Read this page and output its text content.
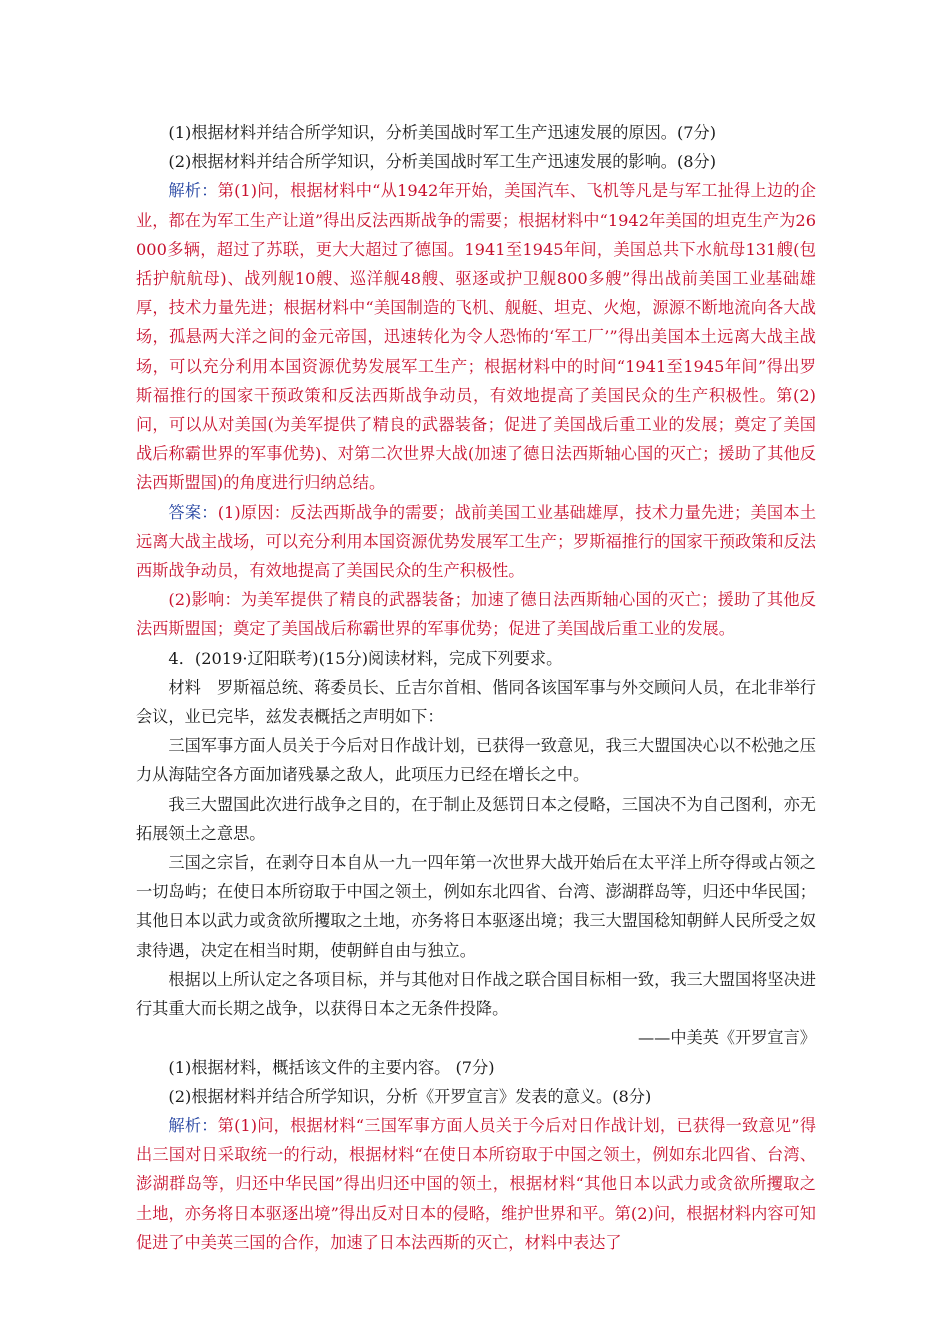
(1)根据材料并结合所学知识，分析美国战时军工生产迅速发展的原因。(7分)

(2)根据材料并结合所学知识，分析美国战时军工生产迅速发展的影响。(8分)

解析：第(1)问，根据材料中“从1942年开始，美国汽车、飞机等凡是与军工扯得上边的企业，都在为军工生产让道”得出反法西斯战争的需要；根据材料中“1942年美国的坦克生产为26 000多辆，超过了苏联，更大大超过了德国。1941至1945年间，美国总共下水航母131艘(包括护航航母)、战列舰10艘、巡洋舰48艘、驱逐或护卫舰800多艘”得出战前美国工业基础雄厚，技术力量先进；根据材料中“美国制造的飞机、舰艇、坦克、火炮，源源不断地流向各大战场，孤悬两大洋之间的金元帝国，迅速转化为令人恐怖的‘军工厂’”得出美国本土远离大战主战场，可以充分利用本国资源优势发展军工生产；根据材料中的时间“1941至1945年间”得出罗斯福推行的国家干预政策和反法西斯战争动员，有效地提高了美国民众的生产积极性。第(2)问，可以从对美国(为美军提供了精良的武器装备；促进了美国战后重工业的发展；奠定了美国战后称霸世界的军事优势)、对第二次世界大战(加速了德日法西斯轴心国的灭亡；援助了其他反法西斯盟国)的角度进行归纳总结。

答案：(1)原因：反法西斯战争的需要；战前美国工业基础雄厚，技术力量先进；美国本土远离大战主战场，可以充分利用本国资源优势发展军工生产；罗斯福推行的国家干预政策和反法西斯战争动员，有效地提高了美国民众的生产积极性。

(2)影响：为美军提供了精良的武器装备；加速了德日法西斯轴心国的灭亡；援助了其他反法西斯盟国；奠定了美国战后称霸世界的军事优势；促进了美国战后重工业的发展。

4．(2019·辽阳联考)(15分)阅读材料，完成下列要求。

材料　罗斯福总统、蒋委员长、丘吉尔首相、偕同各该国军事与外交顾问人员，在北非举行会议，业已完毕，兹发表概括之声明如下：

三国军事方面人员关于今后对日作战计划，已获得一致意见，我三大盟国决心以不松弛之压力从海陆空各方面加诸残暴之敌人，此项压力已经在增长之中。

我三大盟国此次进行战争之目的，在于制止及惩罚日本之侵略，三国决不为自己图利，亦无拓展领土之意思。

三国之宗旨，在剥夺日本自从一九一四年第一次世界大战开始后在太平洋上所夺得或占领之一切岛屿；在使日本所窃取于中国之领土，例如东北四省、台湾、澎湖群岛等，归还中华民国；其他日本以武力或贪欲所攫取之土地，亦务将日本驱逐出境；我三大盟国稔知朝鲜人民所受之奴隶待遇，决定在相当时期，使朝鲜自由与独立。

根据以上所认定之各项目标，并与其他对日作战之联合国目标相一致，我三大盟国将坚决进行其重大而长期之战争，以获得日本之无条件投降。

——中美英《开罗宣言》

(1)根据材料，概括该文件的主要内容。 (7分)

(2)根据材料并结合所学知识，分析《开罗宣言》发表的意义。(8分)

解析：第(1)问，根据材料“三国军事方面人员关于今后对日作战计划，已获得一致意见”得出三国对日采取统一的行动，根据材料“在使日本所窃取于中国之领土，例如东北四省、台湾、澎湖群岛等，归还中华民国”得出归还中国的领土，根据材料“其他日本以武力或贪欲所攫取之土地，亦务将日本驱逐出境”得出反对日本的侵略，维护世界和平。第(2)问，根据材料内容可知促进了中美英三国的合作，加速了日本法西斯的灭亡，材料中表达了
